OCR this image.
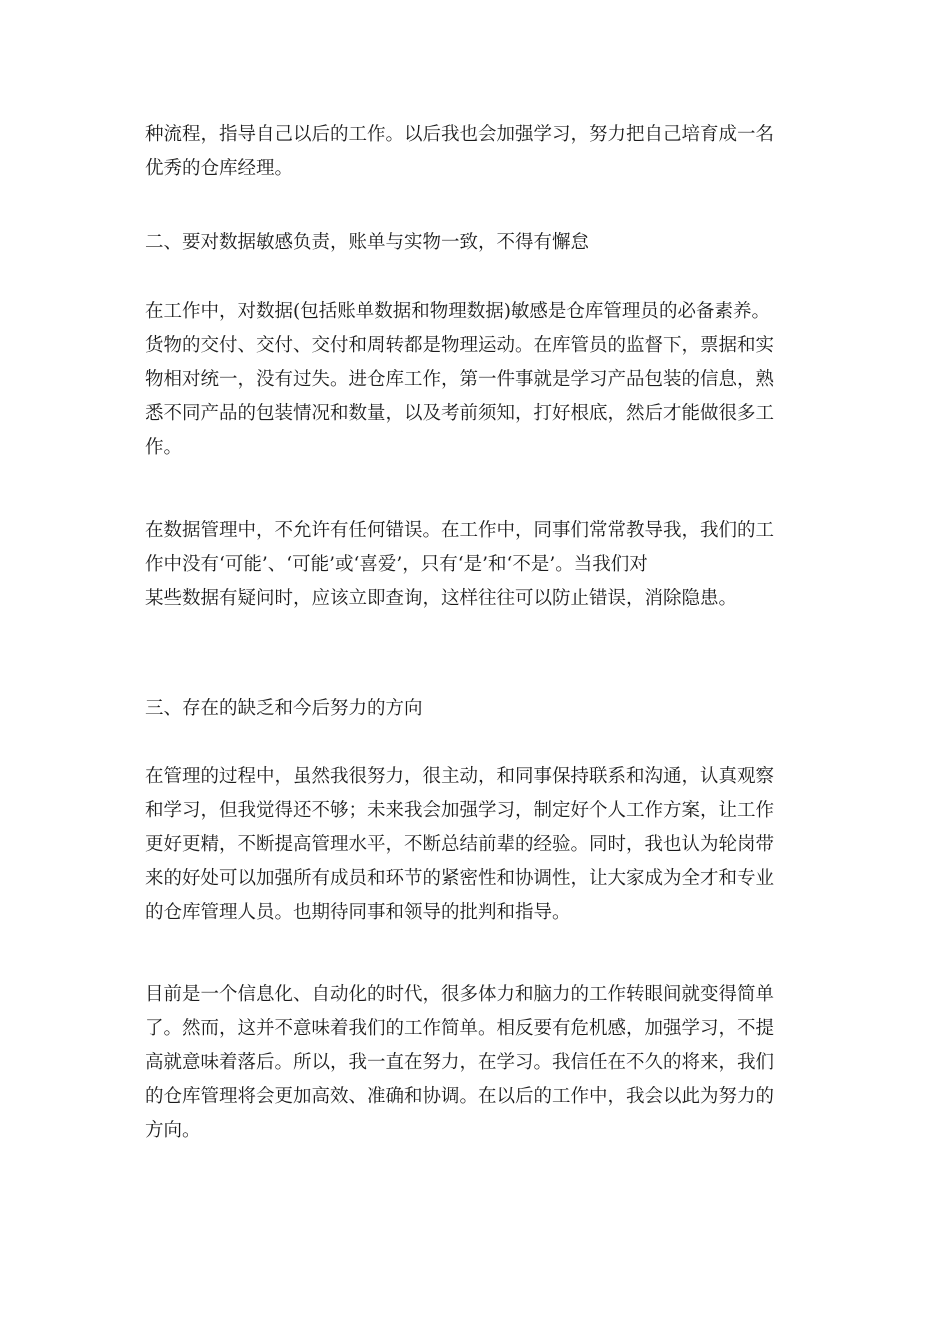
种流程，指导自己以后的工作。以后我也会加强学习，努力把自己培育成一名
优秀的仓库经理。
二、要对数据敏感负责，账单与实物一致，不得有懈怠
在工作中，对数据(包括账单数据和物理数据)敏感是仓库管理员的必备素养。
货物的交付、交付、交付和周转都是物理运动。在库管员的监督下，票据和实
物相对统一，没有过失。进仓库工作，第一件事就是学习产品包装的信息，熟
悉不同产品的包装情况和数量，以及考前须知，打好根底，然后才能做很多工
作。
在数据管理中，不允许有任何错误。在工作中，同事们常常教导我，我们的工
作中没有‘可能’、‘可能’或‘喜爱’，只有‘是’和‘不是’。当我们对
某些数据有疑问时，应该立即查询，这样往往可以防止错误，消除隐患。
三、存在的缺乏和今后努力的方向
在管理的过程中，虽然我很努力，很主动，和同事保持联系和沟通，认真观察
和学习，但我觉得还不够；未来我会加强学习，制定好个人工作方案，让工作
更好更精，不断提高管理水平，不断总结前辈的经验。同时，我也认为轮岗带
来的好处可以加强所有成员和环节的紧密性和协调性，让大家成为全才和专业
的仓库管理人员。也期待同事和领导的批判和指导。
目前是一个信息化、自动化的时代，很多体力和脑力的工作转眼间就变得简单
了。然而，这并不意味着我们的工作简单。相反要有危机感，加强学习，不提
高就意味着落后。所以，我一直在努力，在学习。我信任在不久的将来，我们
的仓库管理将会更加高效、准确和协调。在以后的工作中，我会以此为努力的
方向。
